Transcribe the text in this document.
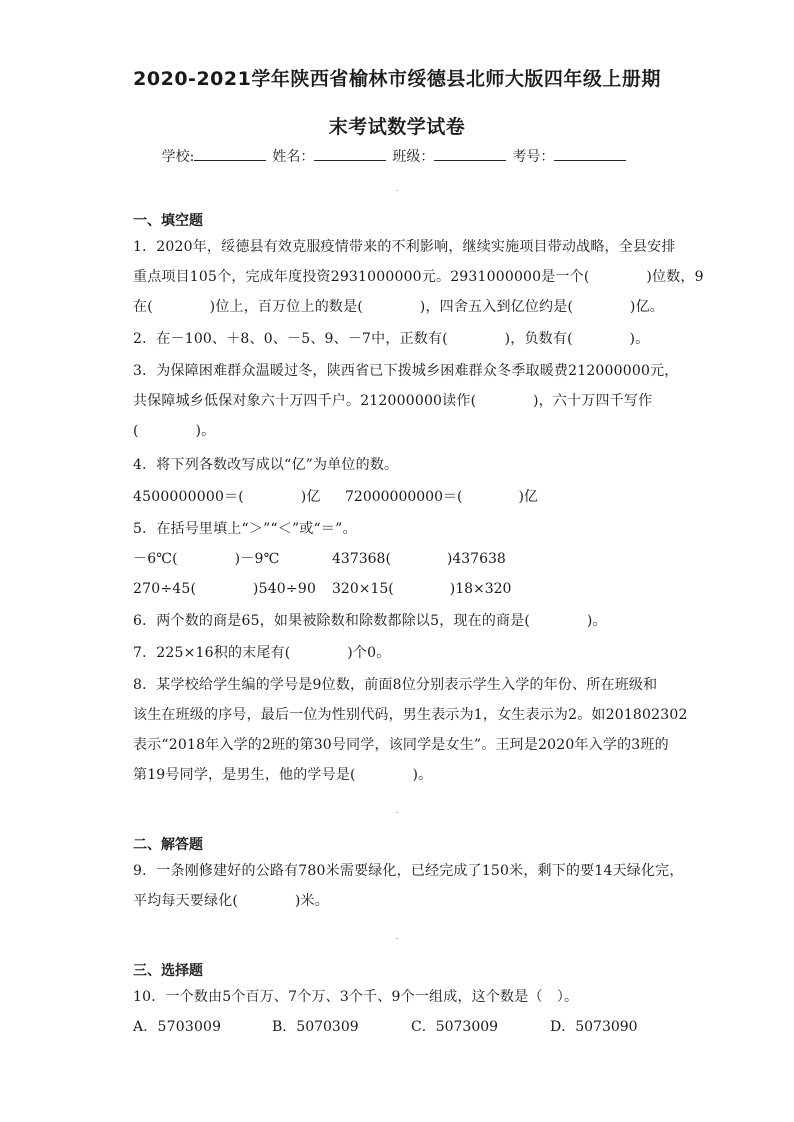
2020-2021学年陕西省榆林市绥德县北师大版四年级上册期
末考试数学试卷
学校:	姓名：	班级：	考号：
一、填空题
1．2020年，绥德县有效克服疫情带来的不利影响，继续实施项目带动战略，全县安排
重点项目105个，完成年度投资2931000000元。2931000000是一个(　　　　)位数，9
在(　　　　)位上，百万位上的数是(　　　　)，四舍五入到亿位约是(　　　　)亿。
2．在－100、＋8、0、－5、9、－7中，正数有(　　　　)，负数有(　　　　)。
3．为保障困难群众温暖过冬，陕西省已下拨城乡困难群众冬季取暖费212000000元，
共保障城乡低保对象六十万四千户。212000000读作(　　　　)，六十万四千写作
(　　　　)。
4．将下列各数改写成以“亿”为单位的数。
4500000000＝(　　　　)亿 72000000000＝(　　　　)亿
5．在括号里填上“＞”“＜”或“＝”。
－6℃(　　　　)－9℃	437368(　　　　)437638
270÷45(　　　　)540÷90 320×15(　　　　)18×320
6．两个数的商是65，如果被除数和除数都除以5，现在的商是(　　　　)。
7．225×16积的末尾有(　　　　)个0。
8．某学校给学生编的学号是9位数，前面8位分别表示学生入学的年份、所在班级和
该生在班级的序号，最后一位为性别代码，男生表示为1，女生表示为2。如201802302
表示“2018年入学的2班的第30号同学，该同学是女生”。王珂是2020年入学的3班的
第19号同学，是男生，他的学号是(　　　　)。
二、解答题
9．一条刚修建好的公路有780米需要绿化，已经完成了150米，剩下的要14天绿化完，
平均每天要绿化(　　　　)米。
三、选择题
10．一个数由5个百万、7个万、3个千、9个一组成，这个数是（　）。
A．5703009	B．5070309	C．5073009	D．5073090
